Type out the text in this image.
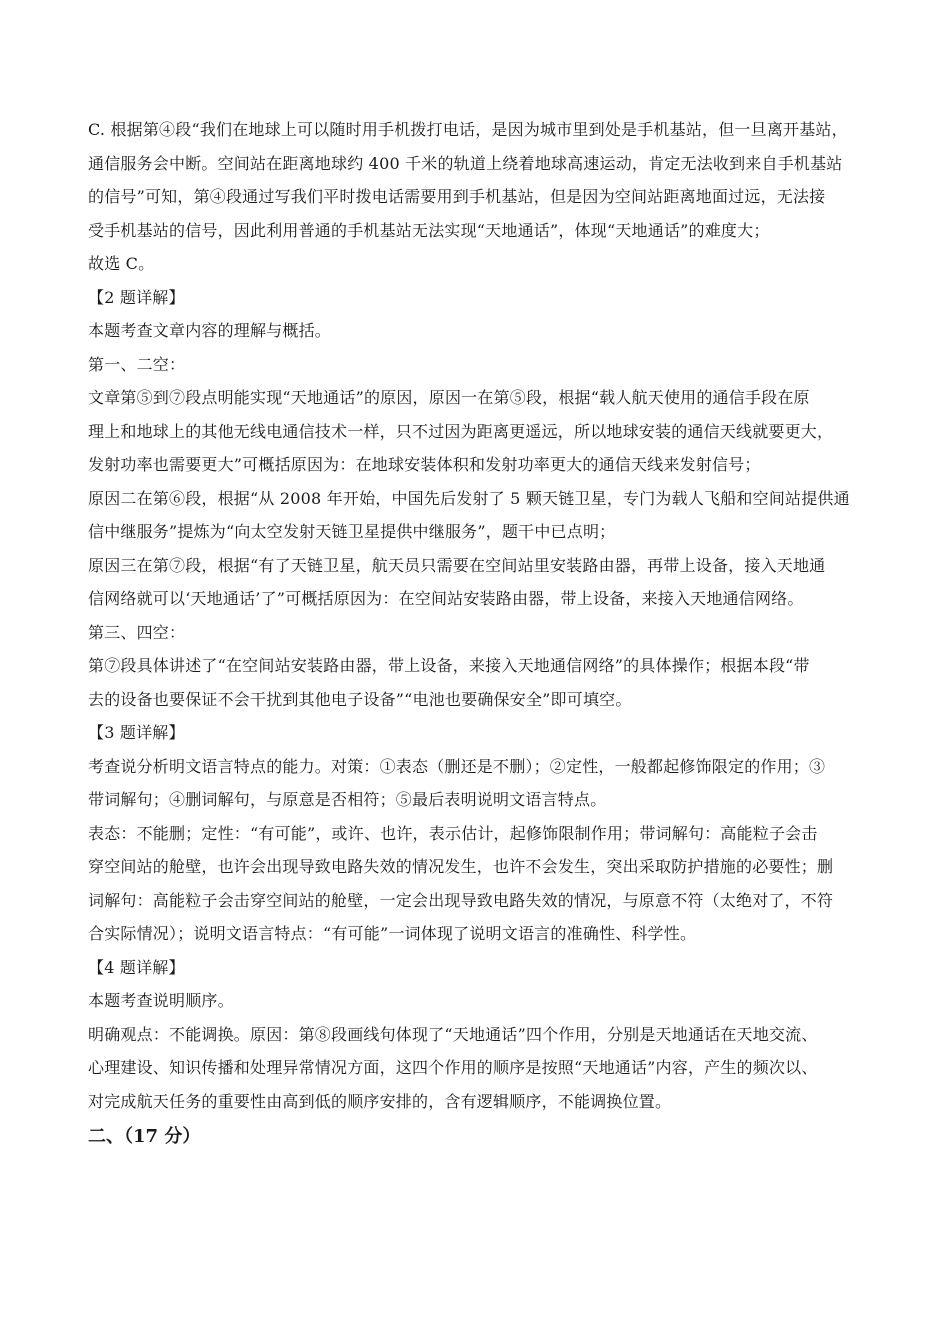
C. 根据第④段“我们在地球上可以随时用手机拨打电话，是因为城市里到处是手机基站，但一旦离开基站，
通信服务会中断。空间站在距离地球约 400 千米的轨道上绕着地球高速运动，肯定无法收到来自手机基站
的信号”可知，第④段通过写我们平时拨电话需要用到手机基站，但是因为空间站距离地面过远，无法接
受手机基站的信号，因此利用普通的手机基站无法实现“天地通话”，体现“天地通话”的难度大；
故选 C。
【2 题详解】
本题考查文章内容的理解与概括。
第一、二空：
文章第⑤到⑦段点明能实现“天地通话”的原因，原因一在第⑤段，根据“载人航天使用的通信手段在原
理上和地球上的其他无线电通信技术一样，只不过因为距离更遥远，所以地球安装的通信天线就要更大，
发射功率也需要更大”可概括原因为：在地球安装体积和发射功率更大的通信天线来发射信号；
原因二在第⑥段，根据“从 2008 年开始，中国先后发射了 5 颗天链卫星，专门为载人飞船和空间站提供通
信中继服务”提炼为“向太空发射天链卫星提供中继服务”，题干中已点明；
原因三在第⑦段，根据“有了天链卫星，航天员只需要在空间站里安装路由器，再带上设备，接入天地通
信网络就可以‘天地通话’了”可概括原因为：在空间站安装路由器，带上设备，来接入天地通信网络。
第三、四空：
第⑦段具体讲述了“在空间站安装路由器，带上设备，来接入天地通信网络”的具体操作；根据本段“带
去的设备也要保证不会干扰到其他电子设备”“电池也要确保安全”即可填空。
【3 题详解】
考查说分析明文语言特点的能力。对策：①表态（删还是不删）；②定性，一般都起修饰限定的作用；③
带词解句；④删词解句，与原意是否相符；⑤最后表明说明文语言特点。
表态：不能删；定性：“有可能”，或许、也许，表示估计，起修饰限制作用；带词解句：高能粒子会击
穿空间站的舱壁，也许会出现导致电路失效的情况发生，也许不会发生，突出采取防护措施的必要性；删
词解句：高能粒子会击穿空间站的舱壁，一定会出现导致电路失效的情况，与原意不符（太绝对了，不符
合实际情况）；说明文语言特点：“有可能”一词体现了说明文语言的准确性、科学性。
【4 题详解】
本题考查说明顺序。
明确观点：不能调换。原因：第⑧段画线句体现了“天地通话”四个作用，分别是天地通话在天地交流、
心理建设、知识传播和处理异常情况方面，这四个作用的顺序是按照“天地通话”内容，产生的频次以、
对完成航天任务的重要性由高到低的顺序安排的，含有逻辑顺序，不能调换位置。
二、（17 分）
